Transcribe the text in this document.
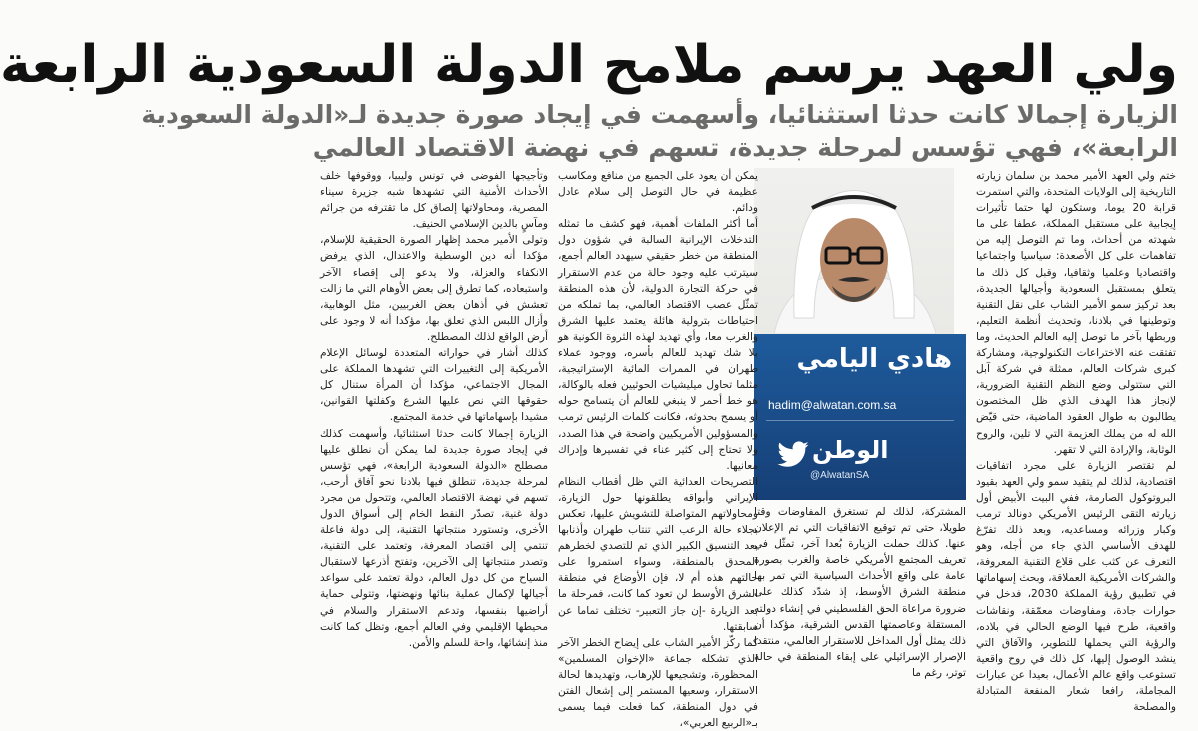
ولي العهد يرسم ملامح الدولة السعودية الرابعة
الزيارة إجمالا كانت حدثا استثنائيا، وأسهمت في إيجاد صورة جديدة لـ«الدولة السعودية
الرابعة»، فهي تؤسس لمرحلة جديدة، تسهم في نهضة الاقتصاد العالمي

ختم ولي العهد الأمير محمد بن سلمان زيارته التاريخية إلى الولايات المتحدة، والتي استمرت قرابة 20 يوما، وستكون لها حتما تأثيرات إيجابية على مستقبل المملكة، عطفا على ما شهدته من أحداث، وما تم التوصل إليه من تفاهمات على كل الأصعدة: سياسيا واجتماعيا واقتصاديا وعلميا وثقافيا، وقبل كل ذلك ما يتعلق بمستقبل السعودية وأجيالها الجديدة، بعد تركيز سمو الأمير الشاب على نقل التقنية وتوطينها في بلادنا، وتحديث أنظمة التعليم، وربطها بآخر ما توصل إليه العالم الحديث، وما تفتقت عنه الاختراعات التكنولوجية، ومشاركة كبرى شركات العالم، ممثلة في شركة آبل التي ستتولى وضع النظم التقنية الضرورية، لإنجاز هذا الهدف الذي ظل المختصون يطالبون به طوال العقود الماضية، حتى قيّض الله له من يملك العزيمة التي لا تلين، والروح الوثابة، والإرادة التي لا تقهر.

لم تقتصر الزيارة على مجرد اتفاقيات اقتصادية، لذلك لم يتقيد سمو ولي العهد بقيود البروتوكول الصارمة، ففي البيت الأبيض أول زيارته التقى الرئيس الأمريكي دونالد ترمب وكبار وزرائه ومساعديه، وبعد ذلك تفرّغ للهدف الأساسي الذي جاء من أجله، وهو التعرف عن كثب على قلاع التقنية المعروفة، والشركات الأمريكية العملاقة، وبحث إسهاماتها في تطبيق رؤية المملكة 2030، فدخل في حوارات جادة، ومفاوضات معمّقة، ونقاشات واقعية، طرح فيها الوضع الحالي في بلاده، والرؤية التي يحملها للتطوير، والآفاق التي ينشد الوصول إليها، كل ذلك في روح واقعية تستوعب واقع عالم الأعمال، بعيدا عن عبارات المجاملة، رافعا شعار المنفعة المتبادلة والمصلحة

هادي اليامي
hadim@alwatan.com.sa
الوطن
@AlwatanSA

المشتركة، لذلك لم تستغرق المفاوضات وقتا طويلا، حتى تم توقيع الاتفاقيات التي تم الإعلان عنها. كذلك حملت الزيارة بُعدا آخر، تمثّل في تعريف المجتمع الأمريكي خاصة والغرب بصورة عامة على واقع الأحداث السياسية التي تمر بها منطقة الشرق الأوسط، إذ شدّد كذلك على ضرورة مراعاة الحق الفلسطيني في إنشاء دولته المستقلة وعاصمتها القدس الشرقية، مؤكدا أن ذلك يمثل أول المداخل للاستقرار العالمي، منتقدا الإصرار الإسرائيلي على إبقاء المنطقة في حالة توتر، رغم ما

يمكن أن يعود على الجميع من منافع ومكاسب عظيمة في حال التوصل إلى سلام عادل ودائم.

أما أكثر الملفات أهمية، فهو كشف ما تمثله التدخلات الإيرانية السالبة في شؤون دول المنطقة من خطر حقيقي سيهدد العالم أجمع، سيترتب عليه وجود حالة من عدم الاستقرار في حركة التجارة الدولية، لأن هذه المنطقة تمثّل عصب الاقتصاد العالمي، بما تملكه من احتياطات بترولية هائلة يعتمد عليها الشرق والغرب معا، وأي تهديد لهذه الثروة الكونية هو بلا شك تهديد للعالم بأسره، ووجود عملاء طهران في الممرات المائية الإستراتيجية، مثلما تحاول ميليشيات الحوثيين فعله بالوكالة، هو خط أحمر لا ينبغي للعالم أن يتسامح حوله أو يسمح بحدوثه، فكانت كلمات الرئيس ترمب والمسؤولين الأمريكيين واضحة في هذا الصدد، ولا تحتاج إلى كثير عناء في تفسيرها وإدراك معانيها.

التصريحات العدائية التي ظل أقطاب النظام الإيراني وأبواقه يطلقونها حول الزيارة، ومحاولاتهم المتواصلة للتشويش عليها، تعكس بجلاء حالة الرعب التي تنتاب طهران وأذنابها بعد التنسيق الكبير الذي تم للتصدي لخطرهم المحدق بالمنطقة، وسواء استمروا على حالتهم هذه أم لا، فإن الأوضاع في منطقة الشرق الأوسط لن تعود كما كانت، فمرحلة ما بعد الزيارة -إن جاز التعبير- تختلف تماما عن سابقتها.

كما ركّز الأمير الشاب على إيضاح الخطر الآخر الذي تشكله جماعة «الإخوان المسلمين» المحظورة، وتشجيعها للإرهاب، وتهديدها لحالة الاستقرار، وسعيها المستمر إلى إشعال الفتن في دول المنطقة، كما فعلت فيما يسمى بـ«الربيع العربي»،

وتأجيجها الفوضى في تونس وليبيا، ووقوفها خلف الأحداث الأمنية التي تشهدها شبه جزيرة سيناء المصرية، ومحاولاتها إلصاق كل ما تقترفه من جرائم ومآسٍ بالدين الإسلامي الحنيف.

وتولى الأمير محمد إظهار الصورة الحقيقية للإسلام، مؤكدا أنه دين الوسطية والاعتدال، الذي يرفض الانكفاء والعزلة، ولا يدعو إلى إقصاء الآخر واستبعاده، كما تطرق إلى بعض الأوهام التي ما زالت تعشش في أذهان بعض الغربيين، مثل الوهابية، وأزال اللبس الذي تعلق بها، مؤكدا أنه لا وجود على أرض الواقع لذلك المصطلح.

كذلك أشار في حواراته المتعددة لوسائل الإعلام الأمريكية إلى التغييرات التي تشهدها المملكة على المجال الاجتماعي، مؤكدا أن المرأة ستنال كل حقوقها التي نص عليها الشرع وكفلتها القوانين، مشيدا بإسهاماتها في خدمة المجتمع.

الزيارة إجمالا كانت حدثا استثنائيا، وأسهمت كذلك في إيجاد صورة جديدة لما يمكن أن نطلق عليها مصطلح «الدولة السعودية الرابعة»، فهي تؤسس لمرحلة جديدة، تنطلق فيها بلادنا نحو آفاق أرحب، تسهم في نهضة الاقتصاد العالمي، وتتحول من مجرد دولة غنية، تصدّر النفط الخام إلى أسواق الدول الأخرى، وتستورد منتجاتها التقنية، إلى دولة فاعلة تنتمي إلى اقتصاد المعرفة، وتعتمد على التقنية، وتصدر منتجاتها إلى الآخرين، وتفتح أذرعها لاستقبال السياح من كل دول العالم، دولة تعتمد على سواعد أجيالها لإكمال عملية بنائها ونهضتها، وتتولى حماية أراضيها بنفسها، وتدعم الاستقرار والسلام في محيطها الإقليمي وفي العالم أجمع، وتظل كما كانت منذ إنشائها، واحة للسلم والأمن.
